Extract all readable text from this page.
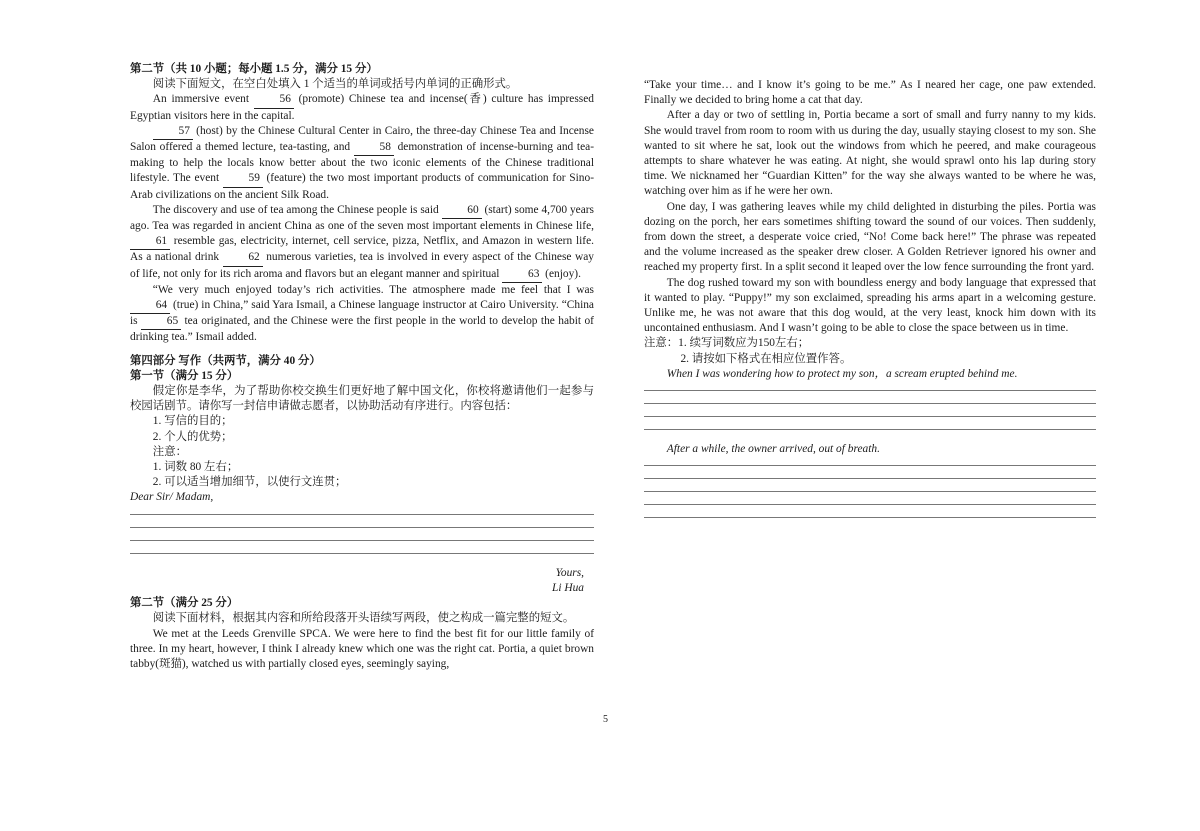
第二节（共 10 小题；每小题 1.5 分，满分 15 分）

阅读下面短文，在空白处填入 1 个适当的单词或括号内单词的正确形式。

An immersive event	56 (promote) Chinese tea and incense(香) culture has impressed Egyptian visitors here in the capital.

57 (host) by the Chinese Cultural Center in Cairo, the three-day Chinese Tea and Incense Salon offered a themed lecture, tea-tasting, and	58 demonstration of incense-burning and tea-making to help the locals know better about the two iconic elements of the Chinese traditional lifestyle. The event	59 (feature) the two most important products of communication for Sino-Arab civilizations on the ancient Silk Road.

The discovery and use of tea among the Chinese people is said	60 (start) some 4,700 years ago. Tea was regarded in ancient China as one of the seven most important elements in Chinese life, 61 resemble gas, electricity, internet, cell service, pizza, Netflix, and Amazon in western life. As a national drink	62 numerous varieties, tea is involved in every aspect of the Chinese way of life, not only for its rich aroma and flavors but an elegant manner and spiritual	63 (enjoy).

“We very much enjoyed today’s rich activities. The atmosphere made me feel that I was 64 (true) in China,” said Yara Ismail, a Chinese language instructor at Cairo University. “China is	65 tea originated, and the Chinese were the first people in the world to develop the habit of drinking tea.” Ismail added.

第四部分 写作（共两节，满分 40 分）

第一节（满分 15 分）

假定你是李华，为了帮助你校交换生们更好地了解中国文化，你校将邀请他们一起参与校园话剧节。请你写一封信申请做志愿者，以协助活动有序进行。内容包括：

1. 写信的目的；

2. 个人的优势；

注意：

1. 词数 80 左右；

2. 可以适当增加细节，以使行文连贯；

Dear Sir/ Madam,

Yours,

Li Hua

第二节（满分 25 分）

阅读下面材料，根据其内容和所给段落开头语续写两段，使之构成一篇完整的短文。

We met at the Leeds Grenville SPCA. We were here to find the best fit for our little family of three. In my heart, however, I think I already knew which one was the right cat. Portia, a quiet brown tabby(斑猫), watched us with partially closed eyes, seemingly saying,

“Take your time… and I know it’s going to be me.” As I neared her cage, one paw extended. Finally we decided to bring home a cat that day.

After a day or two of settling in, Portia became a sort of small and furry nanny to my kids. She would travel from room to room with us during the day, usually staying closest to my son. She wanted to sit where he sat, look out the windows from which he peered, and make courageous attempts to share whatever he was eating. At night, she would sprawl onto his lap during story time. We nicknamed her “Guardian Kitten” for the way she always wanted to be where he was, watching over him as if he were her own.

One day, I was gathering leaves while my child delighted in disturbing the piles. Portia was dozing on the porch, her ears sometimes shifting toward the sound of our voices. Then suddenly, from down the street, a desperate voice cried, “No! Come back here!” The phrase was repeated and the volume increased as the speaker drew closer. A Golden Retriever ignored his owner and reached my property first. In a split second it leaped over the low fence surrounding the front yard.

The dog rushed toward my son with boundless energy and body language that expressed that it wanted to play. “Puppy!” my son exclaimed, spreading his arms apart in a welcoming gesture. Unlike me, he was not aware that this dog would, at the very least, knock him down with its uncontained enthusiasm. And I wasn’t going to be able to close the space between us in time.

注意：1. 续写词数应为150左右；

2. 请按如下格式在相应位置作答。

When I was wondering how to protect my son，a scream erupted behind me.

After a while, the owner arrived, out of breath.

5
